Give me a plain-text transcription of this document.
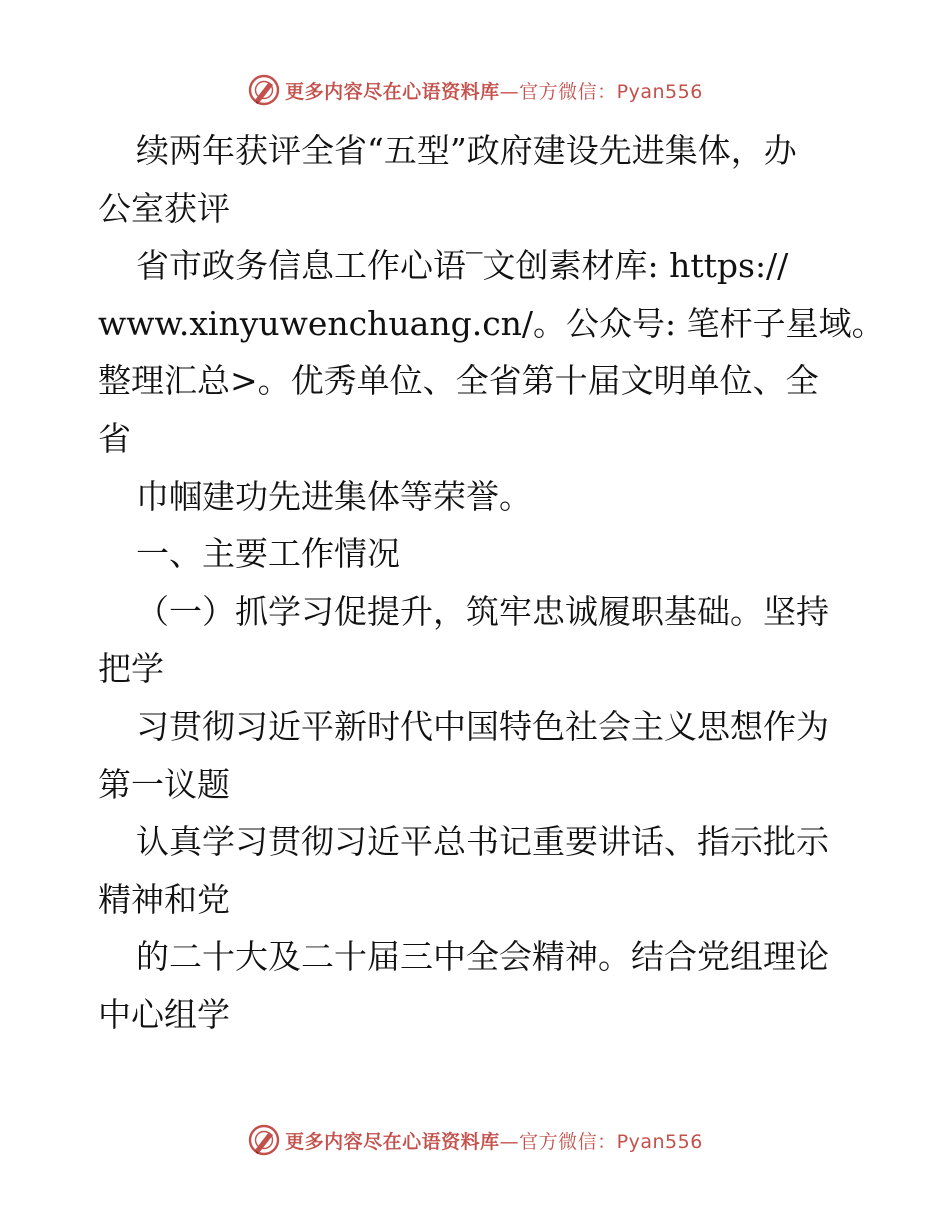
更多内容尽在心语资料库—官方微信：Pyan556
续两年获评全省“五型”政府建设先进集体，办
公室获评
省市政务信息工作心语‾文创素材库: https://
www.xinyuwenchuang.cn/。公众号: 笔杆子星域。
整理汇总>。优秀单位、全省第十届文明单位、全
省
巾帼建功先进集体等荣誉。
一、主要工作情况
（一）抓学习促提升，筑牢忠诚履职基础。坚持
把学
习贯彻习近平新时代中国特色社会主义思想作为
第一议题
认真学习贯彻习近平总书记重要讲话、指示批示
精神和党
的二十大及二十届三中全会精神。结合党组理论
中心组学
更多内容尽在心语资料库—官方微信：Pyan556
